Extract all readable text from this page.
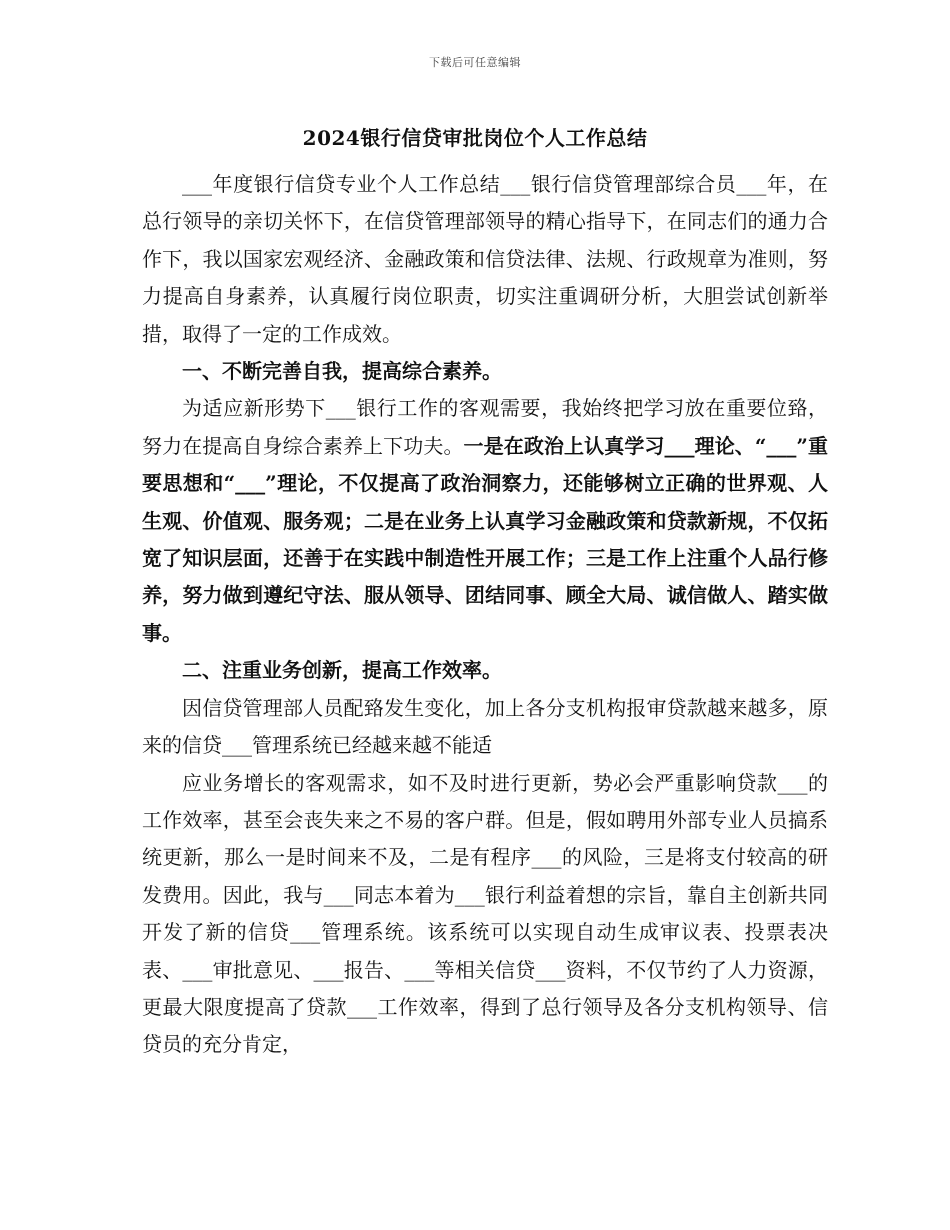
下载后可任意编辑
2024银行信贷审批岗位个人工作总结

___年度银行信贷专业个人工作总结___银行信贷管理部综合员___年，在总行领导的亲切关怀下，在信贷管理部领导的精心指导下，在同志们的通力合作下，我以国家宏观经济、金融政策和信贷法律、法规、行政规章为准则，努力提高自身素养，认真履行岗位职责，切实注重调研分析，大胆尝试创新举措，取得了一定的工作成效。

一、不断完善自我，提高综合素养。

为适应新形势下___银行工作的客观需要，我始终把学习放在重要位臵，努力在提高自身综合素养上下功夫。一是在政治上认真学习___理论、“___”重要思想和“___”理论，不仅提高了政治洞察力，还能够树立正确的世界观、人生观、价值观、服务观；二是在业务上认真学习金融政策和贷款新规，不仅拓宽了知识层面，还善于在实践中制造性开展工作；三是工作上注重个人品行修养，努力做到遵纪守法、服从领导、团结同事、顾全大局、诚信做人、踏实做事。

二、注重业务创新，提高工作效率。

因信贷管理部人员配臵发生变化，加上各分支机构报审贷款越来越多，原来的信贷___管理系统已经越来越不能适

应业务增长的客观需求，如不及时进行更新，势必会严重影响贷款___的工作效率，甚至会丧失来之不易的客户群。但是，假如聘用外部专业人员搞系统更新，那么一是时间来不及，二是有程序___的风险，三是将支付较高的研发费用。因此，我与___同志本着为___银行利益着想的宗旨，靠自主创新共同开发了新的信贷___管理系统。该系统可以实现自动生成审议表、投票表决表、___审批意见、___报告、___等相关信贷___资料，不仅节约了人力资源，更最大限度提高了贷款___工作效率，得到了总行领导及各分支机构领导、信贷员的充分肯定，
